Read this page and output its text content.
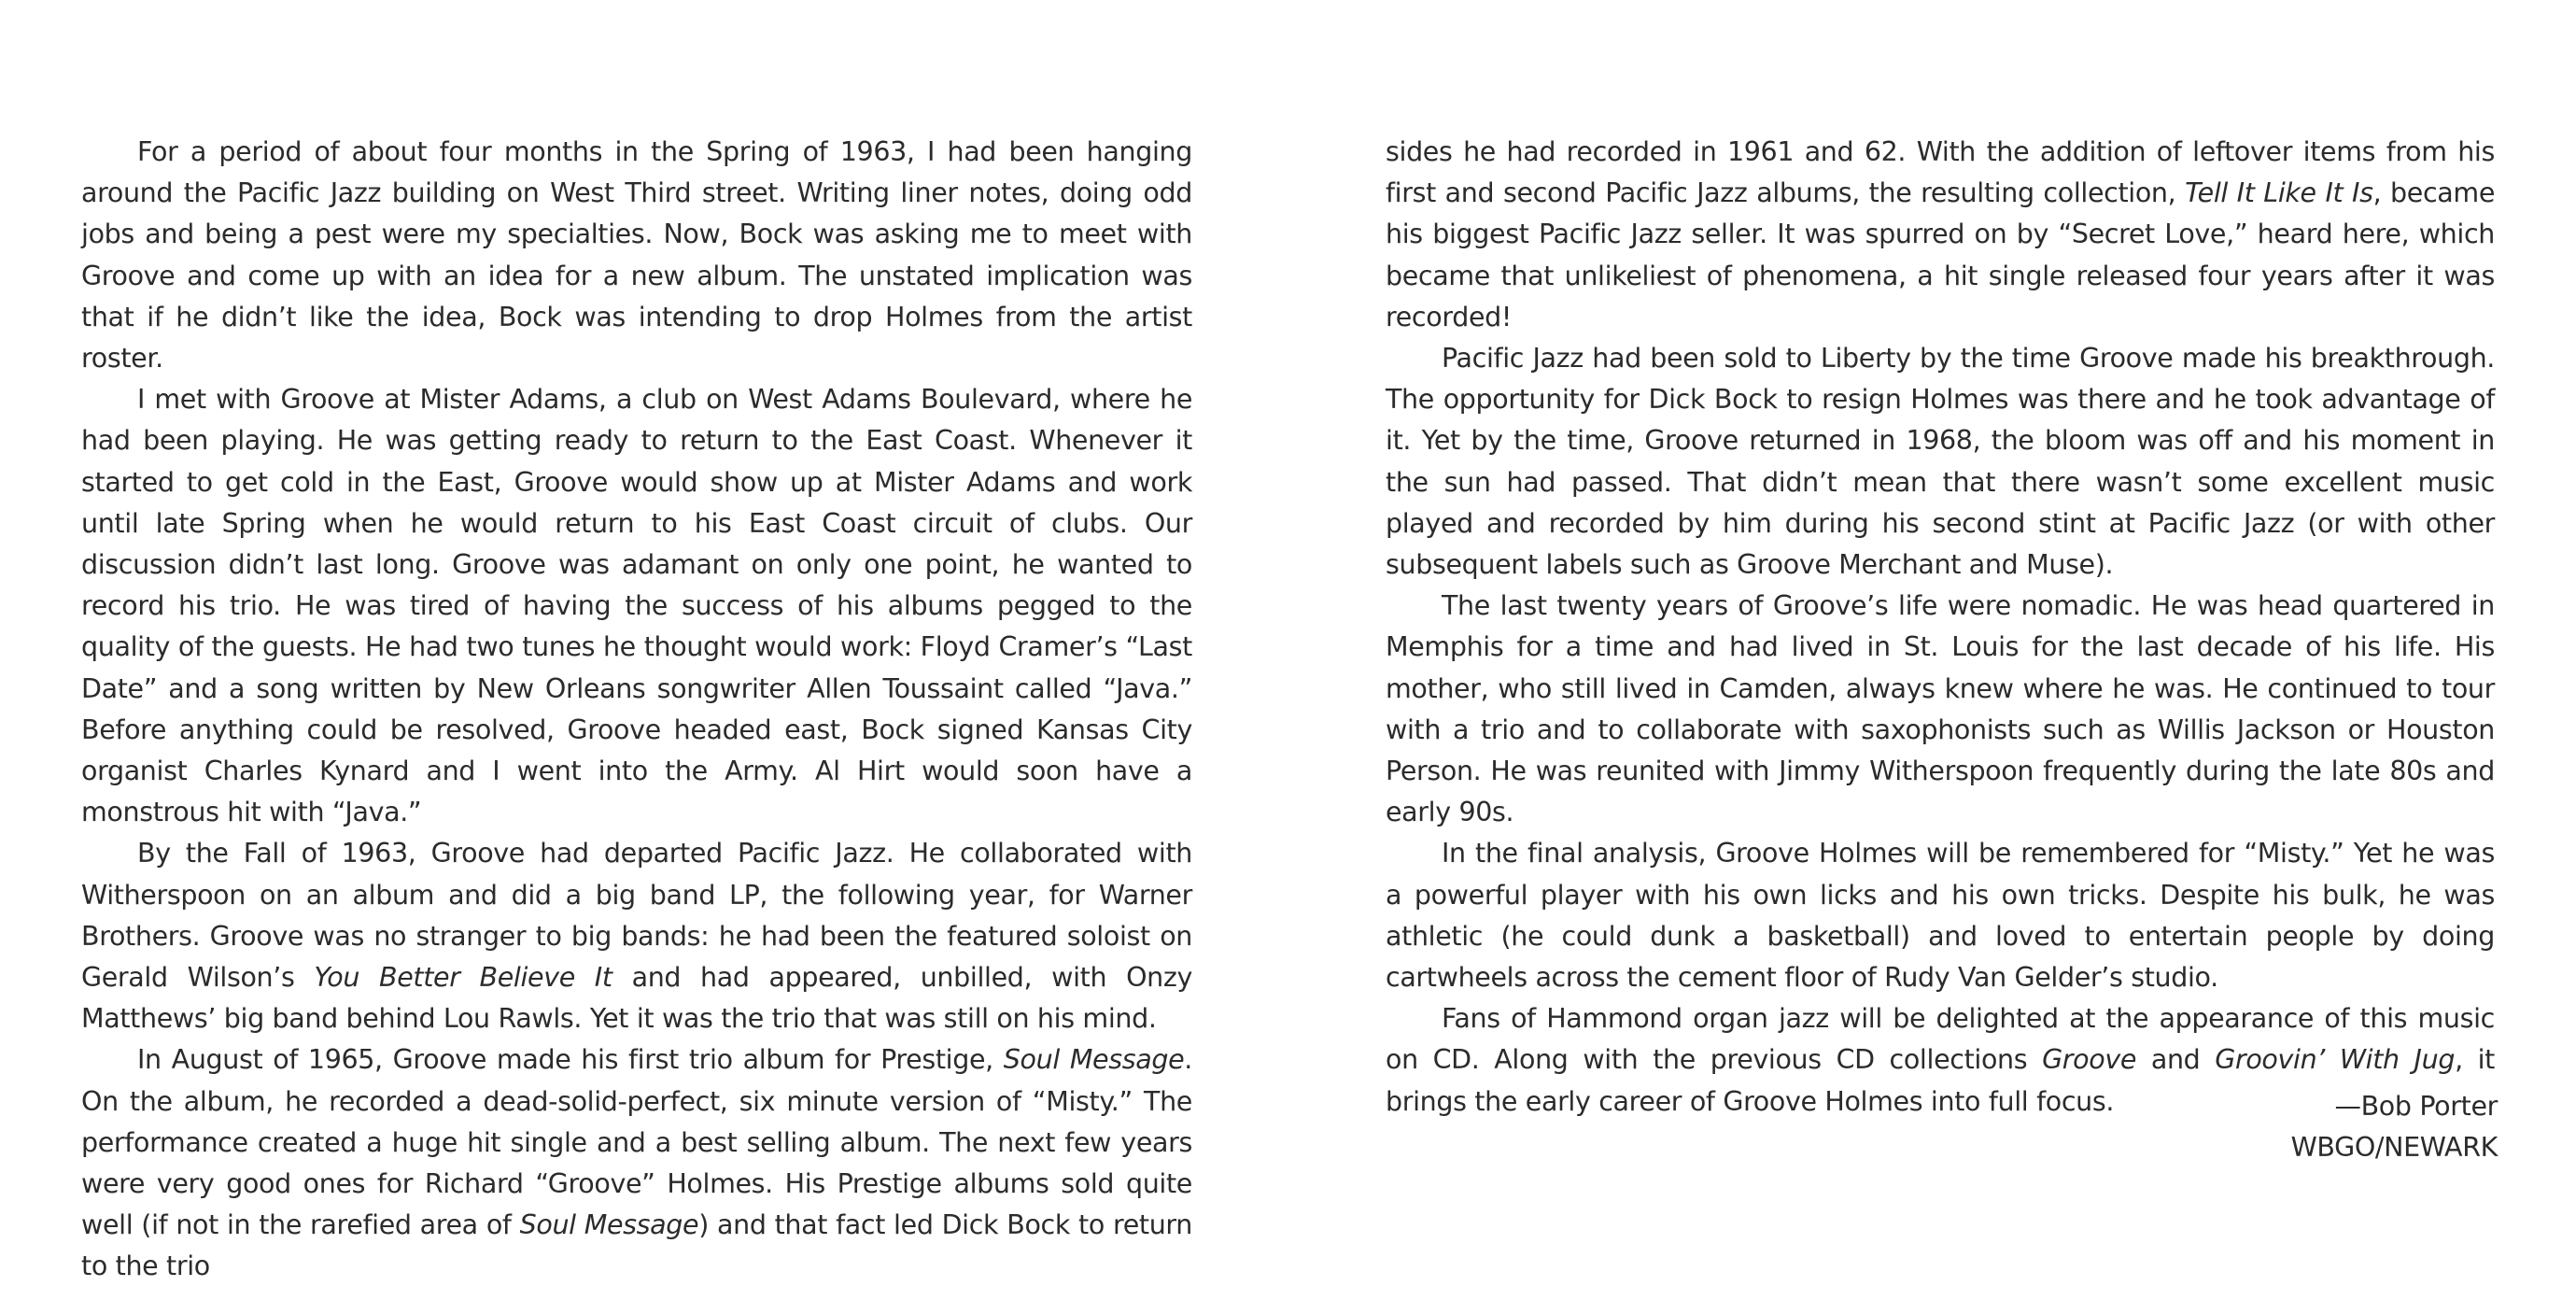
For a period of about four months in the Spring of 1963, I had been hanging around the Pacific Jazz building on West Third street. Writing liner notes, doing odd jobs and being a pest were my specialties. Now, Bock was asking me to meet with Groove and come up with an idea for a new album. The unstated implication was that if he didn’t like the idea, Bock was intending to drop Holmes from the artist roster.

I met with Groove at Mister Adams, a club on West Adams Boulevard, where he had been playing. He was getting ready to return to the East Coast. Whenever it started to get cold in the East, Groove would show up at Mister Adams and work until late Spring when he would return to his East Coast circuit of clubs. Our discussion didn’t last long. Groove was adamant on only one point, he wanted to record his trio. He was tired of having the success of his albums pegged to the quality of the guests. He had two tunes he thought would work: Floyd Cramer’s “Last Date” and a song written by New Orleans songwriter Allen Toussaint called “Java.” Before anything could be resolved, Groove headed east, Bock signed Kansas City organist Charles Kynard and I went into the Army. Al Hirt would soon have a monstrous hit with “Java.”

By the Fall of 1963, Groove had departed Pacific Jazz. He collaborated with Witherspoon on an album and did a big band LP, the following year, for Warner Brothers. Groove was no stranger to big bands: he had been the featured soloist on Gerald Wilson’s You Better Believe It and had appeared, unbilled, with Onzy Matthews’ big band behind Lou Rawls. Yet it was the trio that was still on his mind.

In August of 1965, Groove made his first trio album for Prestige, Soul Message. On the album, he recorded a dead-solid-perfect, six minute version of “Misty.” The performance created a huge hit single and a best selling album. The next few years were very good ones for Richard “Groove” Holmes. His Prestige albums sold quite well (if not in the rarefied area of Soul Message) and that fact led Dick Bock to return to the trio

sides he had recorded in 1961 and 62. With the addition of leftover items from his first and second Pacific Jazz albums, the resulting collection, Tell It Like It Is, became his biggest Pacific Jazz seller. It was spurred on by “Secret Love,” heard here, which became that unlikeliest of phenomena, a hit single released four years after it was recorded!

Pacific Jazz had been sold to Liberty by the time Groove made his breakthrough. The opportunity for Dick Bock to resign Holmes was there and he took advantage of it. Yet by the time, Groove returned in 1968, the bloom was off and his moment in the sun had passed. That didn’t mean that there wasn’t some excellent music played and recorded by him during his second stint at Pacific Jazz (or with other subsequent labels such as Groove Merchant and Muse).

The last twenty years of Groove’s life were nomadic. He was head quartered in Memphis for a time and had lived in St. Louis for the last decade of his life. His mother, who still lived in Camden, always knew where he was. He continued to tour with a trio and to collaborate with saxophonists such as Willis Jackson or Houston Person. He was reunited with Jimmy Witherspoon frequently during the late 80s and early 90s.

In the final analysis, Groove Holmes will be remembered for “Misty.” Yet he was a powerful player with his own licks and his own tricks. Despite his bulk, he was athletic (he could dunk a basketball) and loved to entertain people by doing cartwheels across the cement floor of Rudy Van Gelder’s studio.

Fans of Hammond organ jazz will be delighted at the appearance of this music on CD. Along with the previous CD collections Groove and Groovin’ With Jug, it brings the early career of Groove Holmes into full focus.	—Bob Porter
WBGO/NEWARK
